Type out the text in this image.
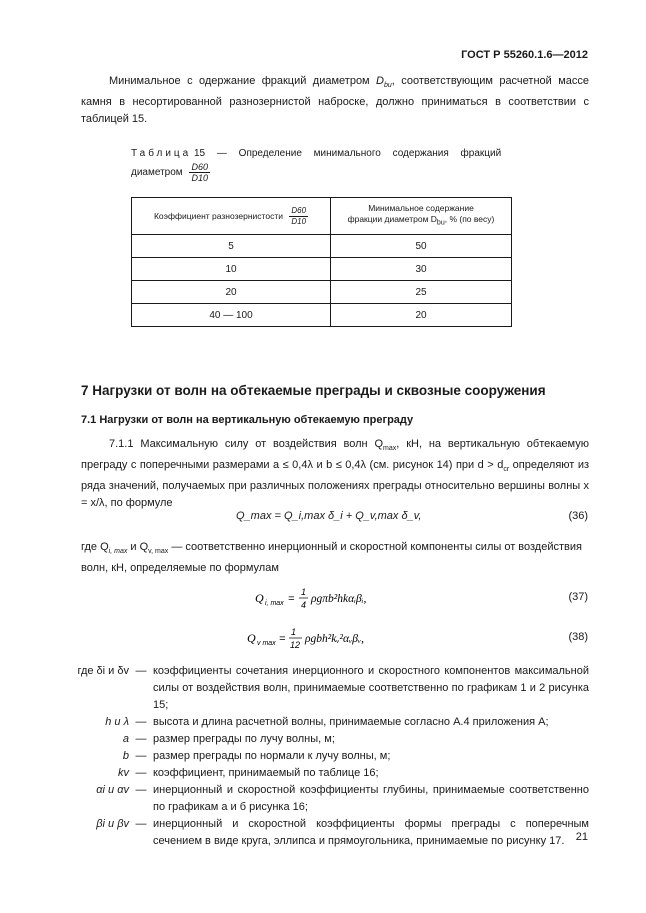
ГОСТ Р 55260.1.6—2012
Минимальное с одержание фракций диаметром $D_{bu}$, соответствующим расчетной массе камня в несортированной разнозернистой наброске, должно приниматься в соответствии с таблицей 15.
Таблица 15 — Определение минимального содержания фракций
диаметром $\frac{D60}{D10}$
Коэффициент разнозернистости $\frac{D60}{D10}$	Минимальное содержание
фракции диаметром $D_{bu}$, % (по весу)
5	50
10	30
20	25
40 — 100	20
7 Нагрузки от волн на обтекаемые преграды и сквозные сооружения
7.1 Нагрузки от волн на вертикальную обтекаемую преграду
7.1.1 Максимальную силу от воздействия волн $Q_{max}$, кН, на вертикальную обтекаемую преграду с поперечными размерами a ≤ 0,4λ и b ≤ 0,4λ (см. рисунок 14) при $d > d_{cr}$ определяют из ряда значений, получаемых при различных положениях преграды относительно вершины волны x = x/λ, по формуле
Q_max = Q_i,max δ_i + Q_v,max δ_v,	(36)
где $Q_{i, max}$ и $Q_{v, max}$ — соответственно инерционный и скоростной компоненты силы от воздействия волн, кН, определяемые по формулам
Q i, max =
1
4 ρgπb²hkαᵢβᵢ,	(37)
Q v max =
1
12 ρgbh²kᵥ²αᵥβᵥ,	(38)
где δi и δv — коэффициенты сочетания инерционного и скоростного компонентов максимальной силы от воздействия волн, принимаемые соответственно по графикам 1 и 2 рисунка 15;
h и λ — высота и длина расчетной волны, принимаемые согласно А.4 приложения А;
a — размер преграды по лучу волны, м;
b — размер преграды по нормали к лучу волны, м;
kv — коэффициент, принимаемый по таблице 16;
αi и αv — инерционный и скоростной коэффициенты глубины, принимаемые соответственно по графикам а и б рисунка 16;
βi и βv — инерционный и скоростной коэффициенты формы преграды с поперечным сечением в виде круга, эллипса и прямоугольника, принимаемые по рисунку 17.	21
